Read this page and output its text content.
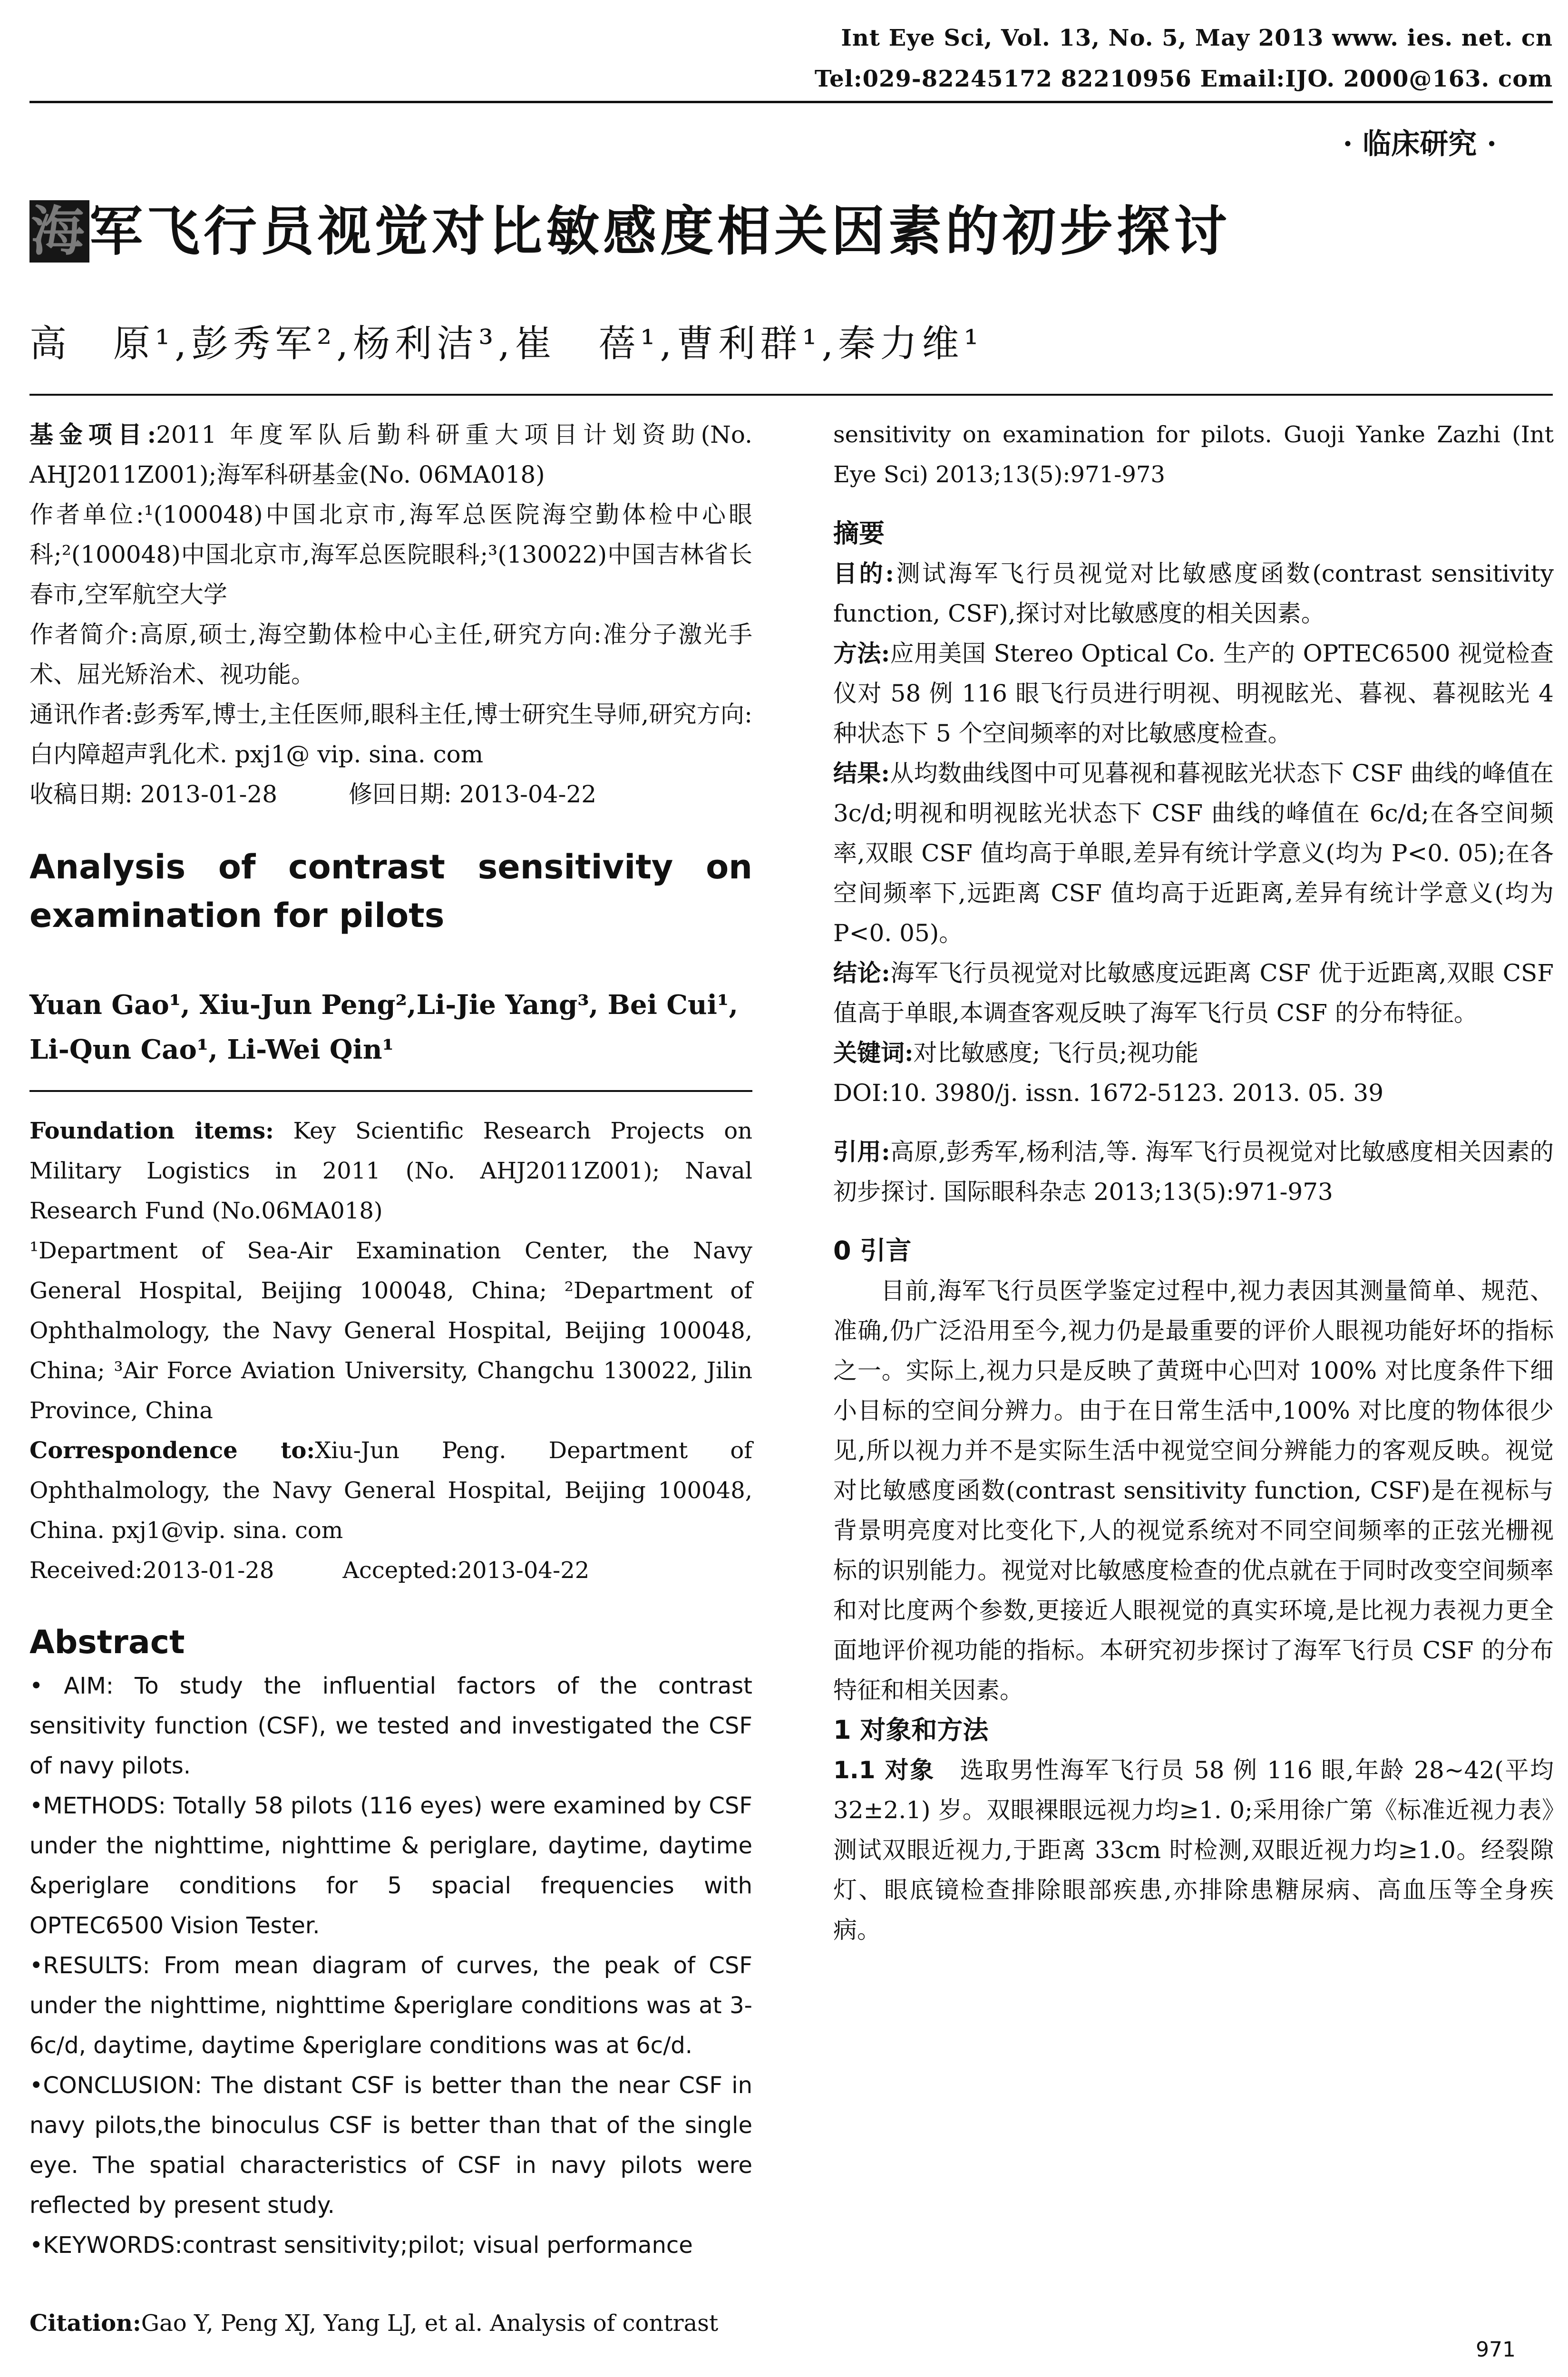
Int Eye Sci, Vol. 13, No. 5, May 2013 www. ies. net. cn
Tel:029-82245172 82210956 Email:IJO. 2000@163. com
· 临床研究 ·
海军飞行员视觉对比敏感度相关因素的初步探讨
高　原¹,彭秀军²,杨利洁³,崔　蓓¹,曹利群¹,秦力维¹

基金项目:2011 年度军队后勤科研重大项目计划资助(No. AHJ2011Z001);海军科研基金(No. 06MA018)

作者单位:¹(100048)中国北京市,海军总医院海空勤体检中心眼科;²(100048)中国北京市,海军总医院眼科;³(130022)中国吉林省长春市,空军航空大学

作者简介:高原,硕士,海空勤体检中心主任,研究方向:准分子激光手术、屈光矫治术、视功能。

通讯作者:彭秀军,博士,主任医师,眼科主任,博士研究生导师,研究方向:白内障超声乳化术. pxj1@ vip. sina. com

收稿日期: 2013-01-28　　　修回日期: 2013-04-22

Analysis of contrast sensitivity on examination for pilots

Yuan Gao¹, Xiu-Jun Peng²,Li-Jie Yang³, Bei Cui¹, Li-Qun Cao¹, Li-Wei Qin¹

Foundation items: Key Scientific Research Projects on Military Logistics in 2011 (No. AHJ2011Z001); Naval Research Fund (No.06MA018)

¹Department of Sea-Air Examination Center, the Navy General Hospital, Beijing 100048, China; ²Department of Ophthalmology, the Navy General Hospital, Beijing 100048, China; ³Air Force Aviation University, Changchu 130022, Jilin Province, China

Correspondence to:Xiu-Jun Peng. Department of Ophthalmology, the Navy General Hospital, Beijing 100048, China. pxj1@vip. sina. com

Received:2013-01-28　　　Accepted:2013-04-22

Abstract

• AIM: To study the influential factors of the contrast sensitivity function (CSF), we tested and investigated the CSF of navy pilots.

•METHODS: Totally 58 pilots (116 eyes) were examined by CSF under the nighttime, nighttime & periglare, daytime, daytime &periglare conditions for 5 spacial frequencies with OPTEC6500 Vision Tester.

•RESULTS: From mean diagram of curves, the peak of CSF under the nighttime, nighttime &periglare conditions was at 3-6c/d, daytime, daytime &periglare conditions was at 6c/d.

•CONCLUSION: The distant CSF is better than the near CSF in navy pilots,the binoculus CSF is better than that of the single eye. The spatial characteristics of CSF in navy pilots were reflected by present study.

•KEYWORDS:contrast sensitivity;pilot; visual performance

Citation:Gao Y, Peng XJ, Yang LJ, et al. Analysis of contrast

sensitivity on examination for pilots. Guoji Yanke Zazhi (Int Eye Sci) 2013;13(5):971-973

摘要

目的:测试海军飞行员视觉对比敏感度函数(contrast sensitivity function, CSF),探讨对比敏感度的相关因素。

方法:应用美国 Stereo Optical Co. 生产的 OPTEC6500 视觉检查仪对 58 例 116 眼飞行员进行明视、明视眩光、暮视、暮视眩光 4 种状态下 5 个空间频率的对比敏感度检查。

结果:从均数曲线图中可见暮视和暮视眩光状态下 CSF 曲线的峰值在 3c/d;明视和明视眩光状态下 CSF 曲线的峰值在 6c/d;在各空间频率,双眼 CSF 值均高于单眼,差异有统计学意义(均为 P<0. 05);在各空间频率下,远距离 CSF 值均高于近距离,差异有统计学意义(均为 P<0. 05)。

结论:海军飞行员视觉对比敏感度远距离 CSF 优于近距离,双眼 CSF 值高于单眼,本调查客观反映了海军飞行员 CSF 的分布特征。

关键词:对比敏感度; 飞行员;视功能

DOI:10. 3980/j. issn. 1672-5123. 2013. 05. 39

引用:高原,彭秀军,杨利洁,等. 海军飞行员视觉对比敏感度相关因素的初步探讨. 国际眼科杂志 2013;13(5):971-973

0 引言

目前,海军飞行员医学鉴定过程中,视力表因其测量简单、规范、准确,仍广泛沿用至今,视力仍是最重要的评价人眼视功能好坏的指标之一。实际上,视力只是反映了黄斑中心凹对 100% 对比度条件下细小目标的空间分辨力。由于在日常生活中,100% 对比度的物体很少见,所以视力并不是实际生活中视觉空间分辨能力的客观反映。视觉对比敏感度函数(contrast sensitivity function, CSF)是在视标与背景明亮度对比变化下,人的视觉系统对不同空间频率的正弦光栅视标的识别能力。视觉对比敏感度检查的优点就在于同时改变空间频率和对比度两个参数,更接近人眼视觉的真实环境,是比视力表视力更全面地评价视功能的指标。本研究初步探讨了海军飞行员 CSF 的分布特征和相关因素。

1 对象和方法

1.1 对象　选取男性海军飞行员 58 例 116 眼,年龄 28~42(平均 32±2.1) 岁。双眼裸眼远视力均≥1. 0;采用徐广第《标准近视力表》测试双眼近视力,于距离 33cm 时检测,双眼近视力均≥1.0。经裂隙灯、眼底镜检查排除眼部疾患,亦排除患糖尿病、高血压等全身疾病。

971
